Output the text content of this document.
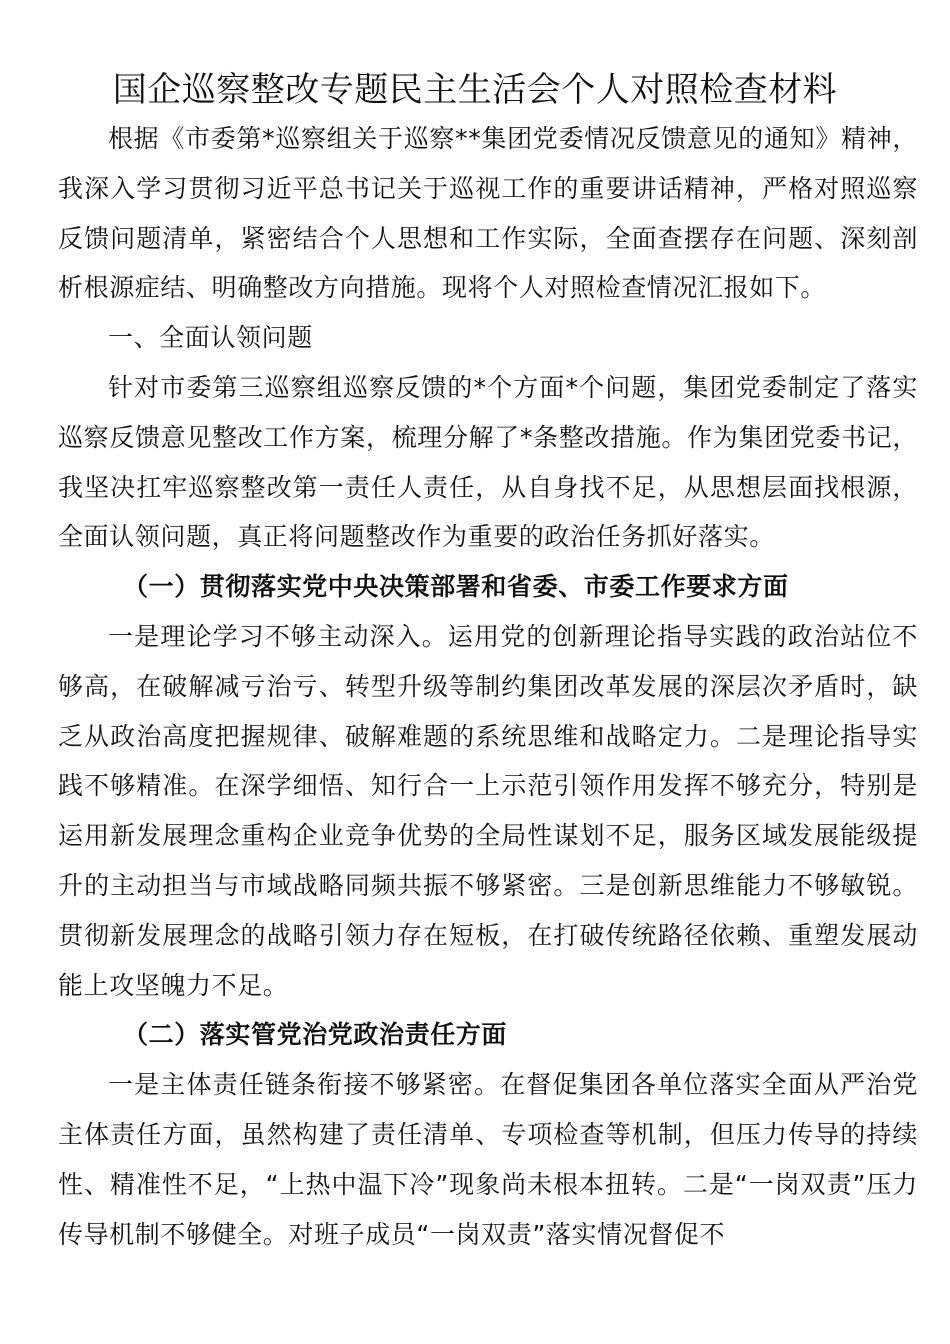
国企巡察整改专题民主生活会个人对照检查材料

根据《市委第*巡察组关于巡察**集团党委情况反馈意见的通知》精神，我深入学习贯彻习近平总书记关于巡视工作的重要讲话精神，严格对照巡察反馈问题清单，紧密结合个人思想和工作实际，全面查摆存在问题、深刻剖析根源症结、明确整改方向措施。现将个人对照检查情况汇报如下。

一、全面认领问题

针对市委第三巡察组巡察反馈的*个方面*个问题，集团党委制定了落实巡察反馈意见整改工作方案，梳理分解了*条整改措施。作为集团党委书记，我坚决扛牢巡察整改第一责任人责任，从自身找不足，从思想层面找根源，全面认领问题，真正将问题整改作为重要的政治任务抓好落实。

（一）贯彻落实党中央决策部署和省委、市委工作要求方面

一是理论学习不够主动深入。运用党的创新理论指导实践的政治站位不够高，在破解减亏治亏、转型升级等制约集团改革发展的深层次矛盾时，缺乏从政治高度把握规律、破解难题的系统思维和战略定力。二是理论指导实践不够精准。在深学细悟、知行合一上示范引领作用发挥不够充分，特别是运用新发展理念重构企业竞争优势的全局性谋划不足，服务区域发展能级提升的主动担当与市域战略同频共振不够紧密。三是创新思维能力不够敏锐。贯彻新发展理念的战略引领力存在短板，在打破传统路径依赖、重塑发展动能上攻坚魄力不足。

（二）落实管党治党政治责任方面

一是主体责任链条衔接不够紧密。在督促集团各单位落实全面从严治党主体责任方面，虽然构建了责任清单、专项检查等机制，但压力传导的持续性、精准性不足，“上热中温下冷”现象尚未根本扭转。二是“一岗双责”压力传导机制不够健全。对班子成员“一岗双责”落实情况督促不
